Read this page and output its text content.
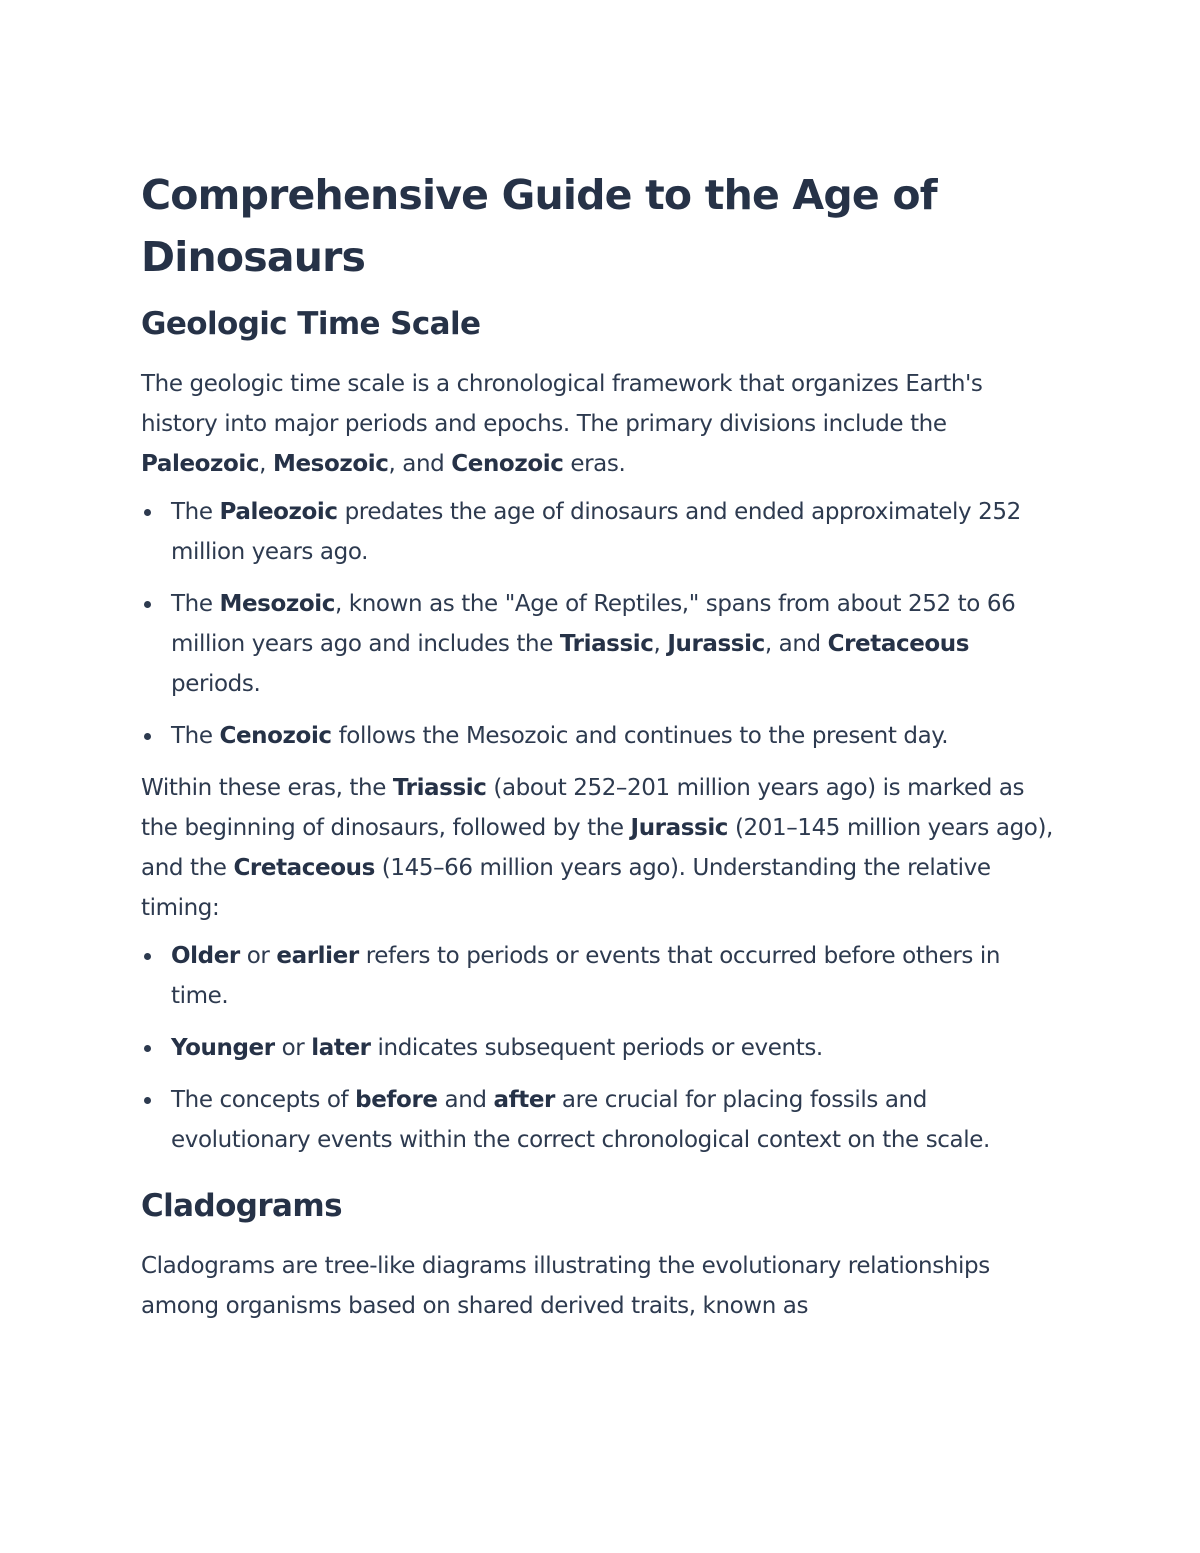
Comprehensive Guide to the Age of Dinosaurs
Geologic Time Scale

The geologic time scale is a chronological framework that organizes Earth's history into major periods and epochs. The primary divisions include the Paleozoic, Mesozoic, and Cenozoic eras.

The Paleozoic predates the age of dinosaurs and ended approximately 252 million years ago.
The Mesozoic, known as the "Age of Reptiles," spans from about 252 to 66 million years ago and includes the Triassic, Jurassic, and Cretaceous periods.
The Cenozoic follows the Mesozoic and continues to the present day.

Within these eras, the Triassic (about 252–201 million years ago) is marked as the beginning of dinosaurs, followed by the Jurassic (201–145 million years ago), and the Cretaceous (145–66 million years ago). Understanding the relative timing:

Older or earlier refers to periods or events that occurred before others in time.
Younger or later indicates subsequent periods or events.
The concepts of before and after are crucial for placing fossils and evolutionary events within the correct chronological context on the scale.
Cladograms

Cladograms are tree-like diagrams illustrating the evolutionary relationships among organisms based on shared derived traits, known as
